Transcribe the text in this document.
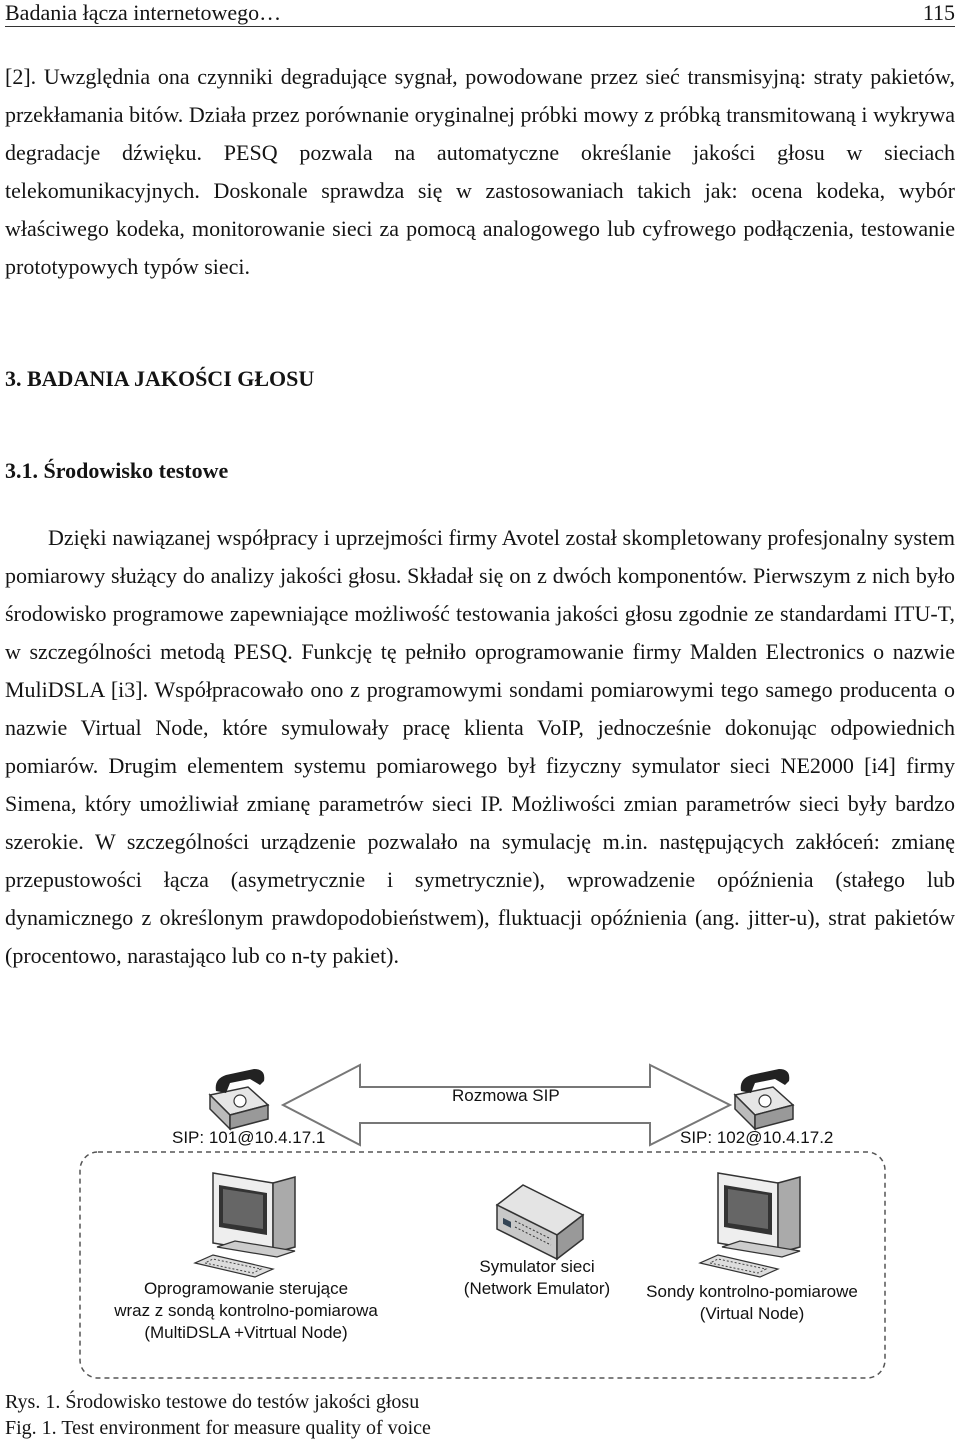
Badania łącza internetowego…	115

[2]. Uwzględnia ona czynniki degradujące sygnał, powodowane przez sieć transmisyjną: straty pakietów, przekłamania bitów. Działa przez porównanie oryginalnej próbki mowy z próbką transmitowaną i wykrywa degradacje dźwięku. PESQ pozwala na automatyczne określanie jakości głosu w sieciach telekomunikacyjnych. Doskonale sprawdza się w zastosowaniach takich jak: ocena kodeka, wybór właściwego kodeka, monitorowanie sieci za pomocą analogowego lub cyfrowego podłączenia, testowanie prototypowych typów sieci.

3. BADANIA JAKOŚCI GŁOSU

3.1. Środowisko testowe

Dzięki nawiązanej współpracy i uprzejmości firmy Avotel został skompletowany profesjonalny system pomiarowy służący do analizy jakości głosu. Składał się on z dwóch komponentów. Pierwszym z nich było środowisko programowe zapewniające możliwość testowania jakości głosu zgodnie ze standardami ITU-T, w szczególności metodą PESQ. Funkcję tę pełniło oprogramowanie firmy Malden Electronics o nazwie MuliDSLA [i3]. Współpracowało ono z programowymi sondami pomiarowymi tego samego producenta o nazwie Virtual Node, które symulowały pracę klienta VoIP, jednocześnie dokonując odpowiednich pomiarów. Drugim elementem systemu pomiarowego był fizyczny symulator sieci NE2000 [i4] firmy Simena, który umożliwiał zmianę parametrów sieci IP. Możliwości zmian parametrów sieci były bardzo szerokie. W szczególności urządzenie pozwalało na symulację m.in. następujących zakłóceń: zmianę przepustowości łącza (asymetrycznie i symetrycznie), wprowadzenie opóźnienia (stałego lub dynamicznego z określonym prawdopodobieństwem), fluktuacji opóźnienia (ang. jitter-u), strat pakietów (procentowo, narastająco lub co n-ty pakiet).

Rozmowa SIP
SIP: 101@10.4.17.1	SIP: 102@10.4.17.2
Oprogramowanie sterujące
wraz z sondą kontrolno-pomiarowa
(MultiDSLA +Vitrtual Node)
Symulator sieci
(Network Emulator)	Sondy kontrolno-pomiarowe
(Virtual Node)
Rys. 1. Środowisko testowe do testów jakości głosu
Fig. 1. Test environment for measure quality of voice
